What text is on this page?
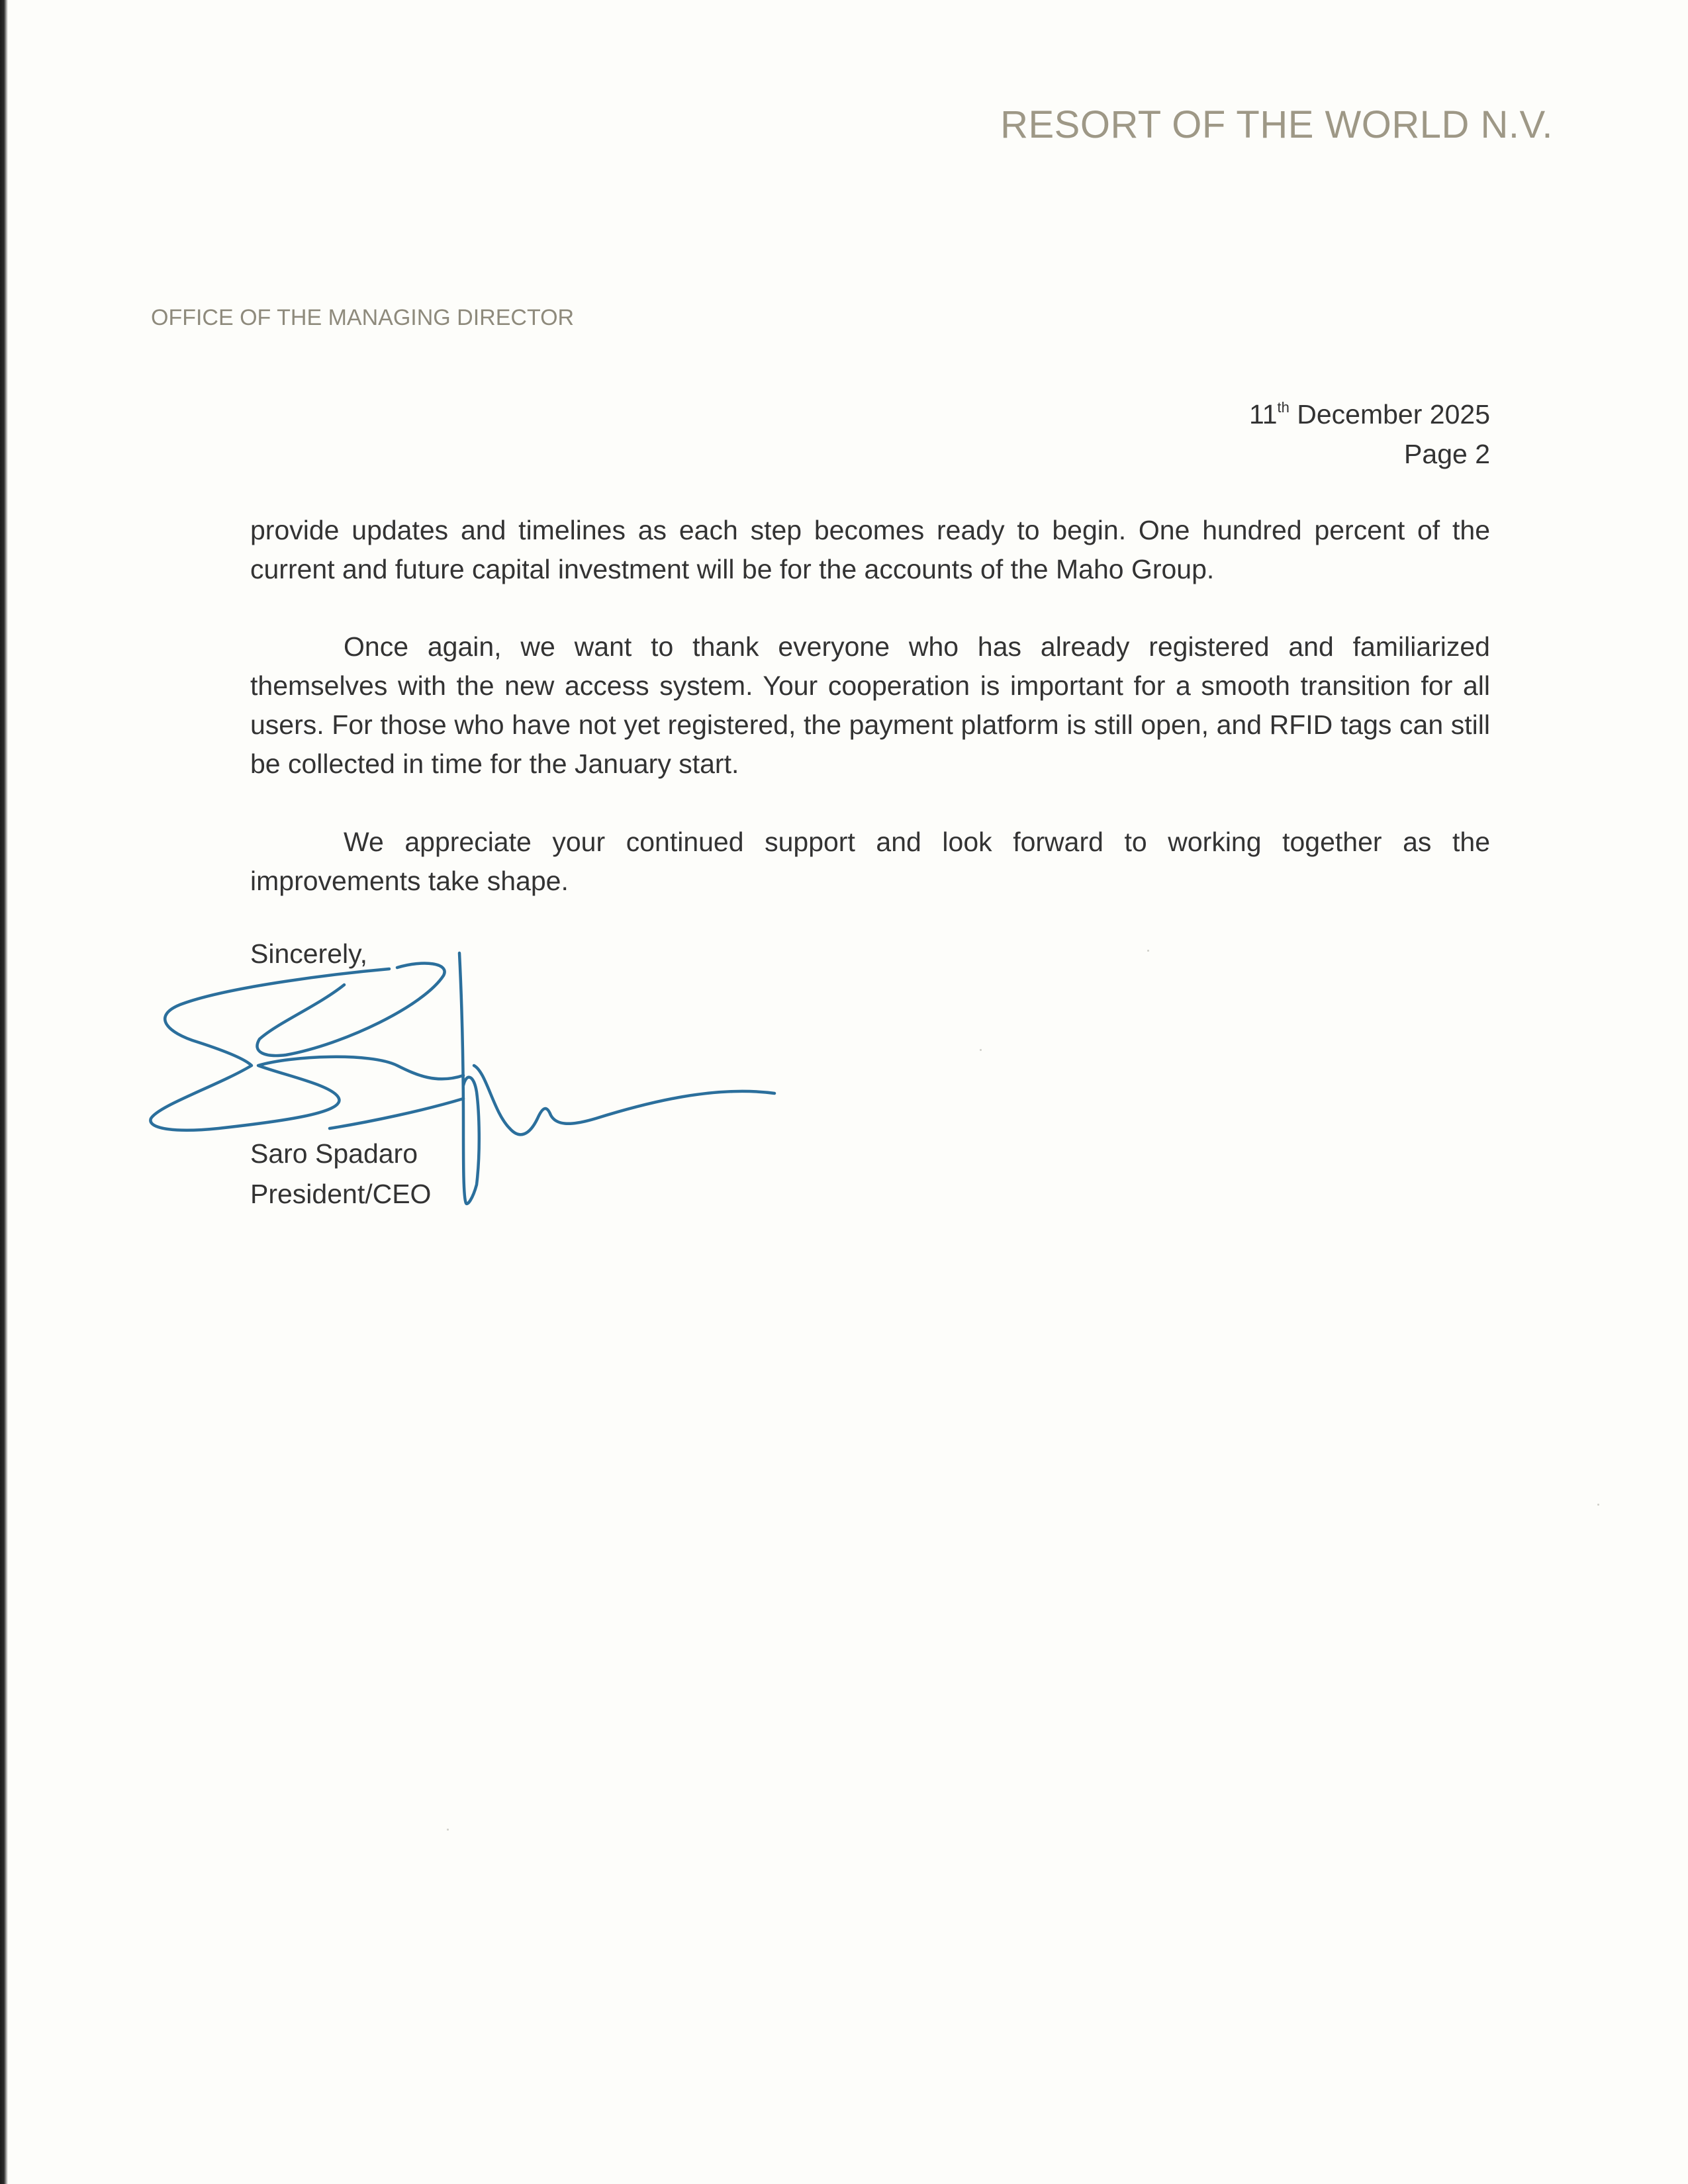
RESORT OF THE WORLD N.V.
OFFICE OF THE MANAGING DIRECTOR
11th December 2025
Page 2

provide updates and timelines as each step becomes ready to begin. One hundred percent of the current and future capital investment will be for the accounts of the Maho Group.

Once again, we want to thank everyone who has already registered and familiarized themselves with the new access system. Your cooperation is important for a smooth transition for all users. For those who have not yet registered, the payment platform is still open, and RFID tags can still be collected in time for the January start.

We appreciate your continued support and look forward to working together as the improvements take shape.

Sincerely,
Saro Spadaro
President/CEO
